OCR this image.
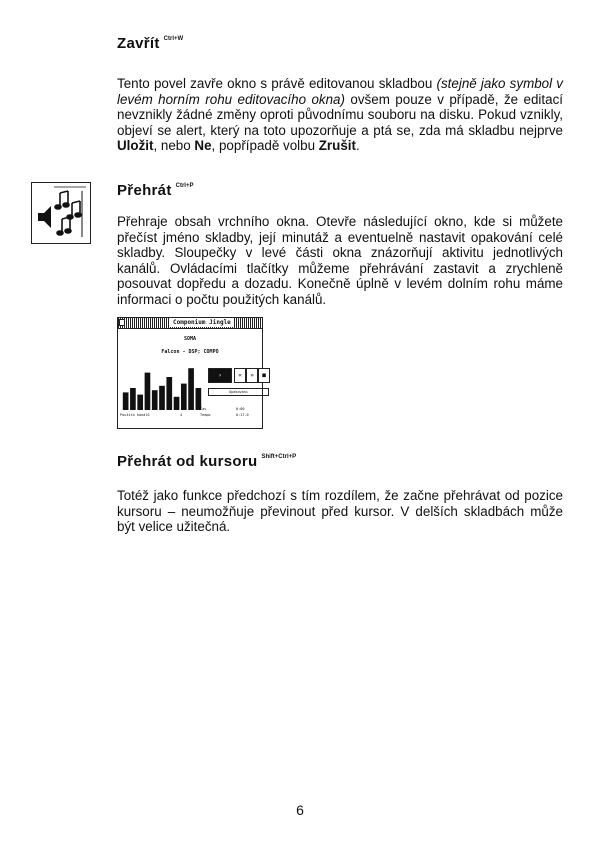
Zavřít $^{Ctrl+W}$
Tento povel zavře okno s právě editovanou skladbou (stejně jako symbol v levém horním rohu editovacího okna) ovšem pouze v případě, že editací nevznikly žádné změny oproti původnímu souboru na disku. Pokud vznikly, objeví se alert, který na toto upozorňuje a ptá se, zda má skladbu nejprve Uložit, nebo Ne, popřípadě volbu Zrušit.
Přehrát $^{Ctrl+P}$
Přehraje obsah vrchního okna. Otevře následující okno, kde si můžete přečíst jméno skladby, její minutáž a eventuelně nastavit opakování celé skladby. Sloupečky v levé části okna znázorňují aktivitu jednotlivých kanálů. Ovládacími tlačítky můžeme přehrávání zastavit a zrychleně posouvat dopředu a dozadu. Konečně úplně v levém dolním rohu máme informaci o počtu použitých kanálů.
Componium Jingle
SOMA
Falcon - DSP; COMPO
›	«	»	■
Opakování
Použito kanálů	4
Čas	0:00
Tempo	0:17.0
Přehrát od kursoru $^{Shift+Ctrl+P}$
Totéž jako funkce předchozí s tím rozdílem, že začne přehrávat od pozice kursoru – neumožňuje převinout před kursor. V delších skladbách může být velice užitečná.
6
